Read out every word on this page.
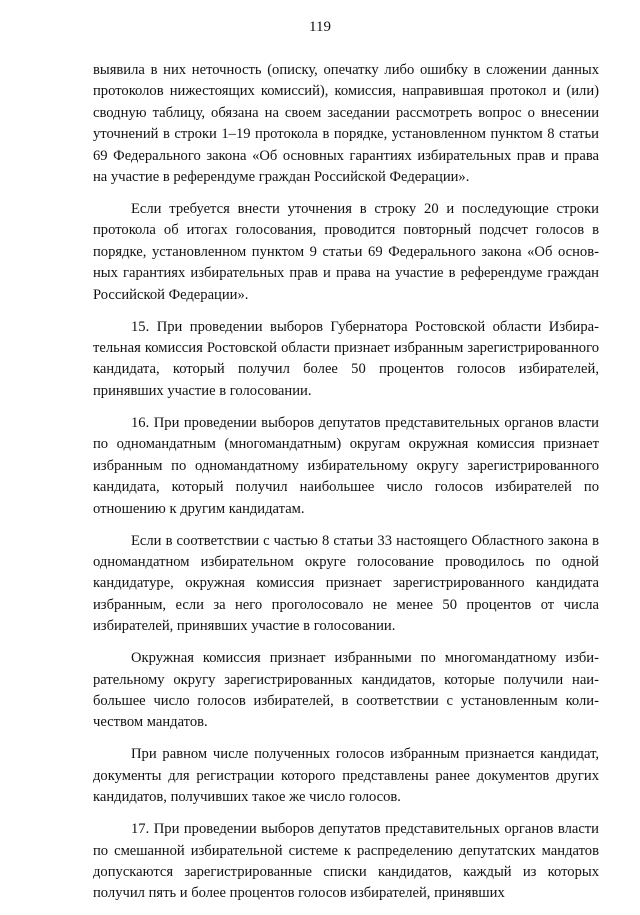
119

выявила в них неточность (описку, опечатку либо ошибку в сложении данных протоколов нижестоящих комиссий), комиссия, направившая протокол и (или) сводную таблицу, обязана на своем заседании рассмотреть вопрос о внесении уточнений в строки 1–19 протокола в порядке, установленном пунктом 8 статьи 69 Федерального закона «Об основных гарантиях избирательных прав и права на участие в референдуме граждан Российской Федерации».

Если требуется внести уточнения в строку 20 и последующие строки протокола об итогах голосования, проводится повторный подсчет голосов в порядке, установленном пунктом 9 статьи 69 Федерального закона «Об основных гарантиях избирательных прав и права на участие в референдуме граждан Российской Федерации».

15. При проведении выборов Губернатора Ростовской области Избирательная комиссия Ростовской области признает избранным зарегистрированного кандидата, который получил более 50 процентов голосов избирателей, принявших участие в голосовании.

16. При проведении выборов депутатов представительных органов власти по одномандатным (многомандатным) округам окружная комиссия признает избранным по одномандатному избирательному округу зарегистрированного кандидата, который получил наибольшее число голосов избирателей по отношению к другим кандидатам.

Если в соответствии с частью 8 статьи 33 настоящего Областного закона в одномандатном избирательном округе голосование проводилось по одной кандидатуре, окружная комиссия признает зарегистрированного кандидата избранным, если за него проголосовало не менее 50 процентов от числа избирателей, принявших участие в голосовании.

Окружная комиссия признает избранными по многомандатному избирательному округу зарегистрированных кандидатов, которые получили наибольшее число голосов избирателей, в соответствии с установленным количеством мандатов.

При равном числе полученных голосов избранным признается кандидат, документы для регистрации которого представлены ранее документов других кандидатов, получивших такое же число голосов.

17. При проведении выборов депутатов представительных органов власти по смешанной избирательной системе к распределению депутатских мандатов допускаются зарегистрированные списки кандидатов, каждый из которых получил пять и более процентов голосов избирателей, принявших
